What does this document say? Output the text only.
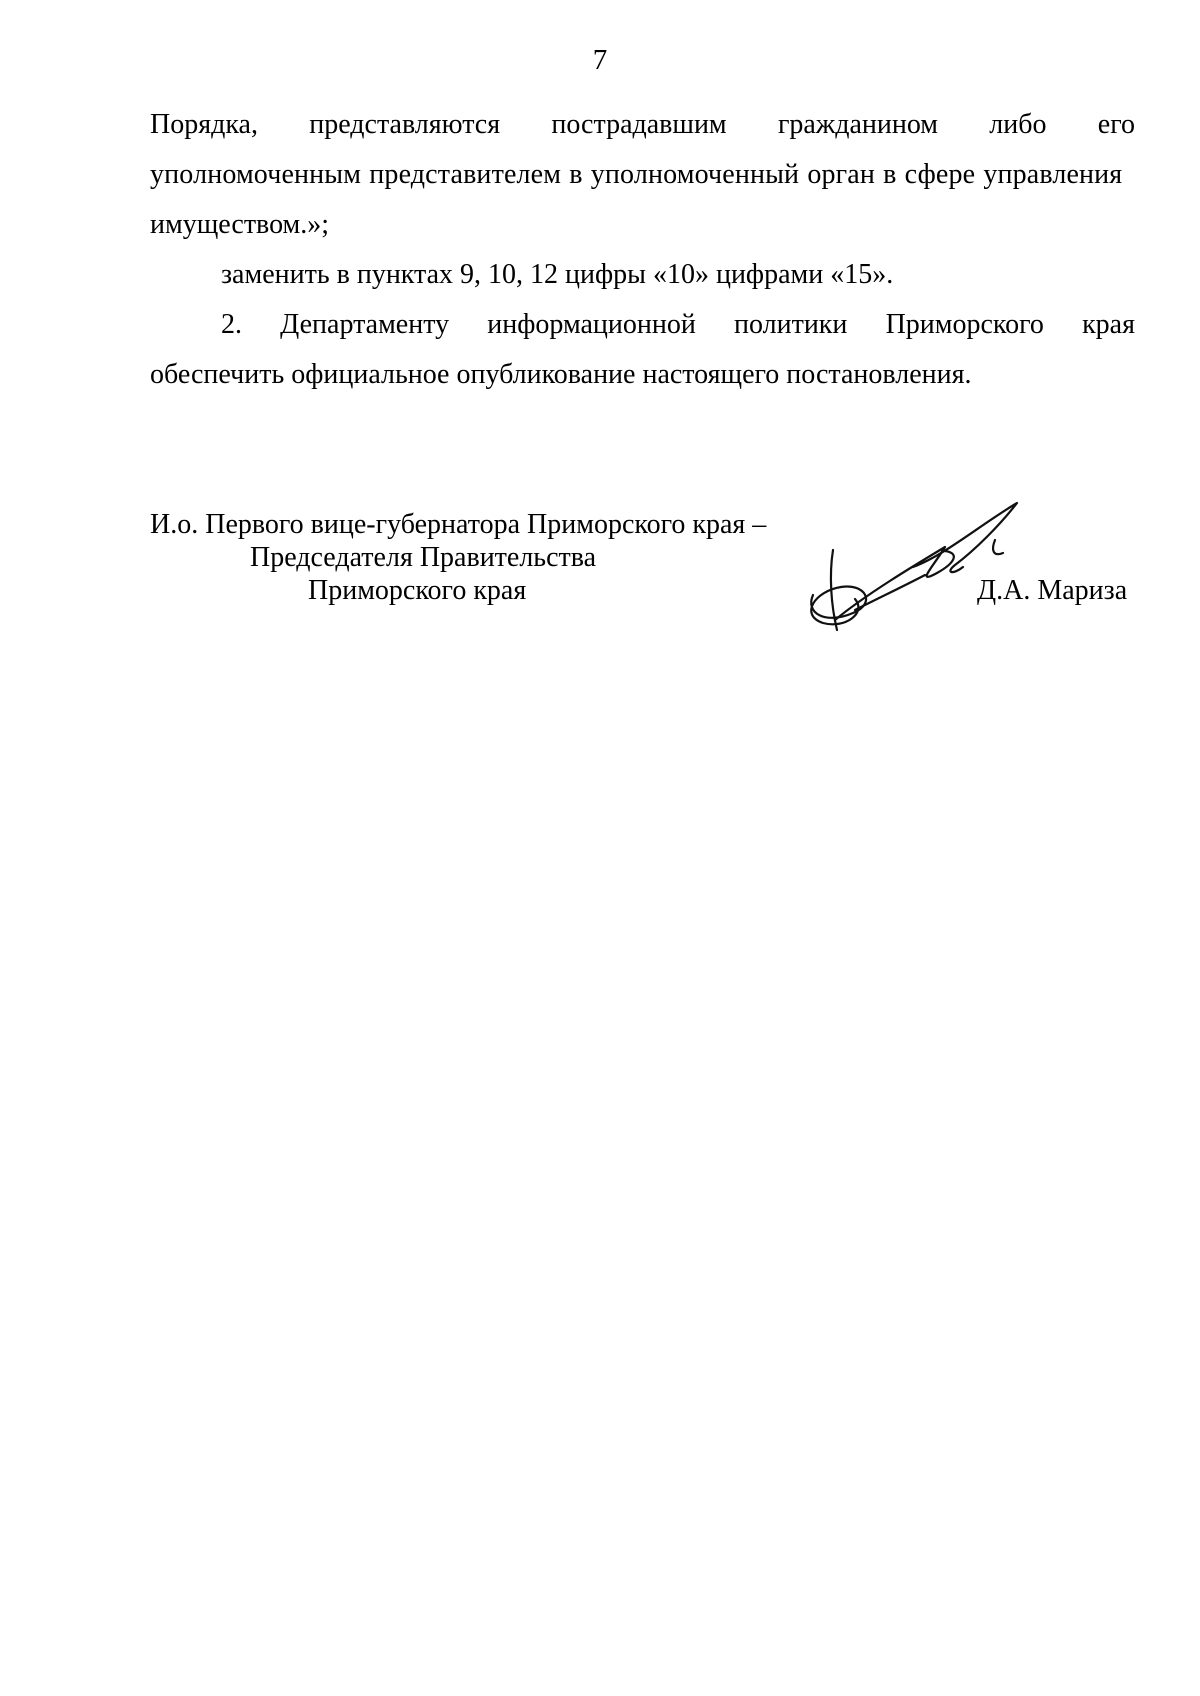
7
Порядка, представляются пострадавшим гражданином либо его
уполномоченным представителем в уполномоченный орган в сфере управления
имуществом.»;
заменить в пунктах 9, 10, 12 цифры «10» цифрами «15».
2. Департаменту информационной политики Приморского края
обеспечить официальное опубликование настоящего постановления.
И.о. Первого вице-губернатора Приморского края –
Председателя Правительства
Приморского края	Д.А. Мариза
